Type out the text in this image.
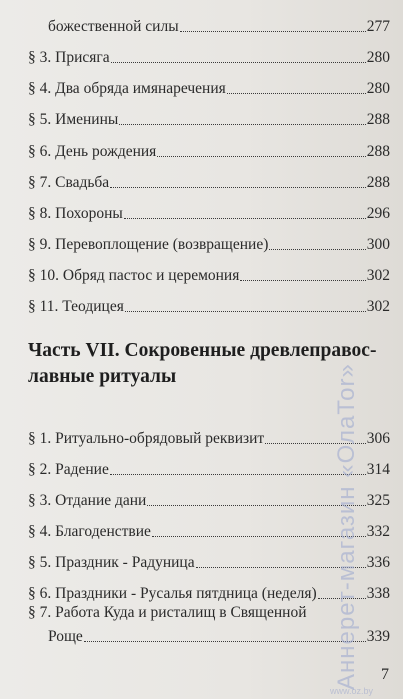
божественной силы	277
§ 3. Присяга	280
§ 4. Два обряда имянаречения	280
§ 5. Именины	288
§ 6. День рождения	288
§ 7. Свадьба	288
§ 8. Похороны	296
§ 9. Перевоплощение (возвращение)	300
§ 10. Обряд пастос и церемония	302
§ 11. Теодицея	302
Часть VII. Сокровенные древлеправос-
лавные ритуалы
§ 1. Ритуально-обрядовый реквизит	306
§ 2. Радение	314
§ 3. Отдание дани	325
§ 4. Благоденствие	332
§ 5. Праздник - Радуница	336
§ 6. Праздники - Русалья пятдница (неделя)	338
§ 7. Работа Куда и ристалищ в Священной
Роще	339
7
Аннерет-магазин «ОлаТоr»
www.oz.by
